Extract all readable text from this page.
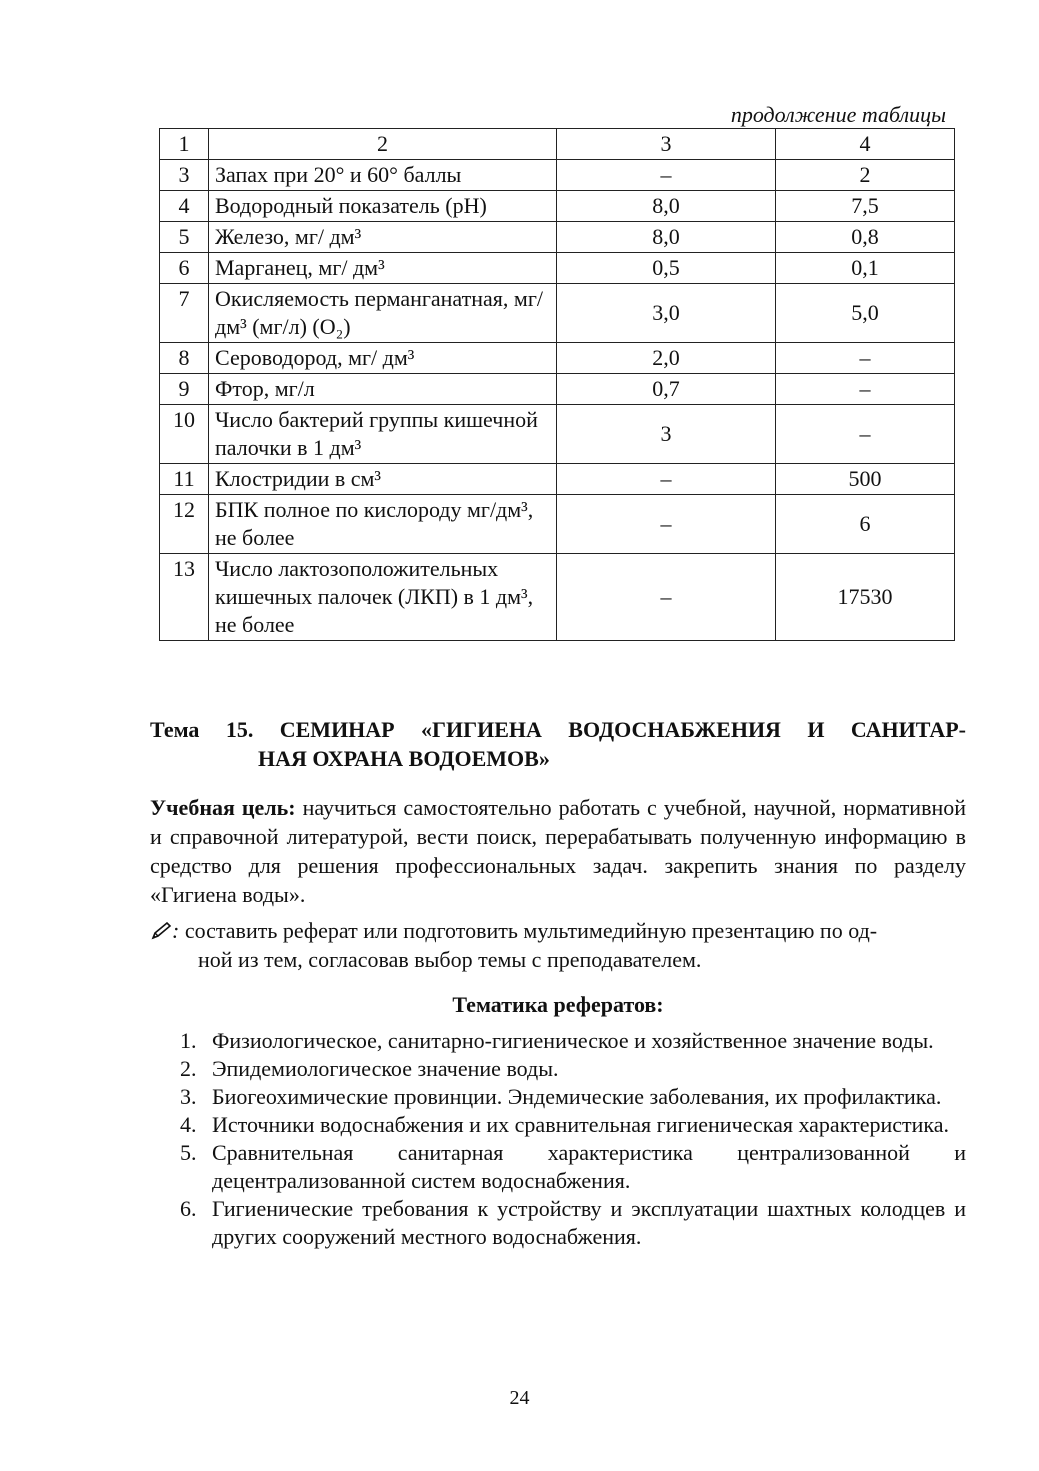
продолжение таблицы
1	2	3	4
3	Запах при 20° и 60° баллы	–	2
4	Водородный показатель (рН)	8,0	7,5
5	Железо, мг/ дм³	8,0	0,8
6	Марганец, мг/ дм³	0,5	0,1
7	Окисляемость перманганатная, мг/ дм³ (мг/л) (О₂)	3,0	5,0
8	Сероводород, мг/ дм³	2,0	–
9	Фтор, мг/л	0,7	–
10	Число бактерий группы кишечной палочки в 1 дм³	3	–
11	Клостридии в см³	–	500
12	БПК полное по кислороду мг/дм³, не более	–	6
13	Число лактозоположительных кишечных палочек (ЛКП) в 1 дм³, не более	–	17530
Тема 15. СЕМИНАР «ГИГИЕНА ВОДОСНАБЖЕНИЯ И САНИТАР-
НАЯ ОХРАНА ВОДОЕМОВ»
Учебная цель: научиться самостоятельно работать с учебной, научной, нормативной и справочной литературой, вести поиск, перерабатывать полученную информацию в средство для решения профессиональных задач. закрепить знания по разделу «Гигиена воды».
: составить реферат или подготовить мультимедийную презентацию по од-
ной из тем, согласовав выбор темы с преподавателем.
Тематика рефератов:
1. Физиологическое, санитарно-гигиеническое и хозяйственное значение воды.
2. Эпидемиологическое значение воды.
3. Биогеохимические провинции. Эндемические заболевания, их профилактика.
4. Источники водоснабжения и их сравнительная гигиеническая характеристика.
5. Сравнительная санитарная характеристика централизованной и децентрализованной систем водоснабжения.
6. Гигиенические требования к устройству и эксплуатации шахтных колодцев и других сооружений местного водоснабжения.
24
